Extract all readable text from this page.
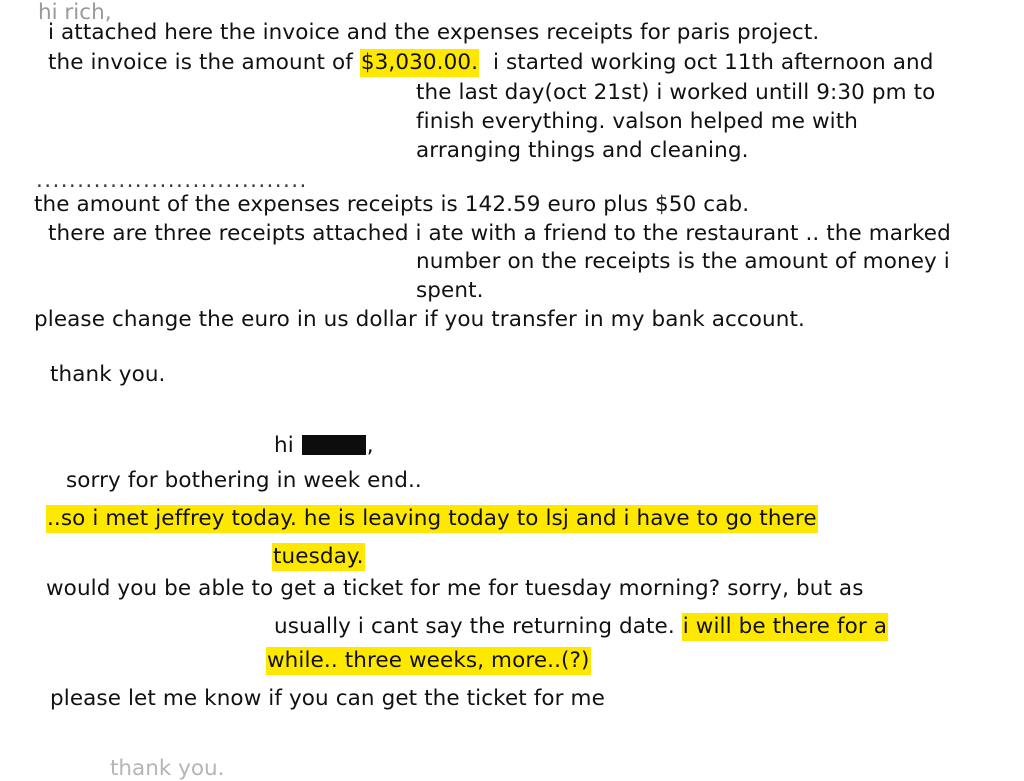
hi rich,
i attached here the invoice and the expenses receipts for paris project.
the invoice is the amount of $3,030.00.  i started working oct 11th afternoon and
the last day(oct 21st) i worked untill 9:30 pm to
finish everything. valson helped me with
arranging things and cleaning.
.................................
the amount of the expenses receipts is 142.59 euro plus $50 cab.
there are three receipts attached i ate with a friend to the restaurant .. the marked
number on the receipts is the amount of money i
spent.
please change the euro in us dollar if you transfer in my bank account.
thank you.
hi	,
sorry for bothering in week end..
..so i met jeffrey today. he is leaving today to lsj and i have to go there
tuesday.
would you be able to get a ticket for me for tuesday morning? sorry, but as
usually i cant say the returning date. i will be there for a
while.. three weeks, more..(?)
please let me know if you can get the ticket for me
thank you.
